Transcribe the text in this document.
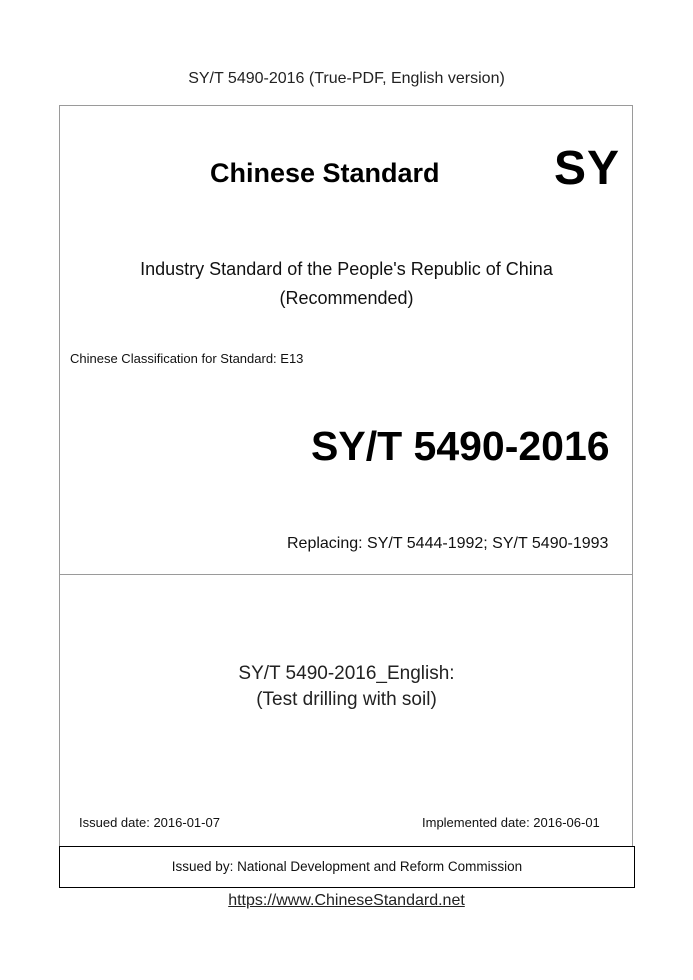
SY/T 5490-2016 (True-PDF, English version)
Chinese Standard SY
Industry Standard of the People's Republic of China
(Recommended)
Chinese Classification for Standard: E13
SY/T 5490-2016
Replacing: SY/T 5444-1992; SY/T 5490-1993
SY/T 5490-2016_English:
(Test drilling with soil)
Issued date: 2016-01-07	Implemented date: 2016-06-01
Issued by: National Development and Reform Commission
https://www.ChineseStandard.net
